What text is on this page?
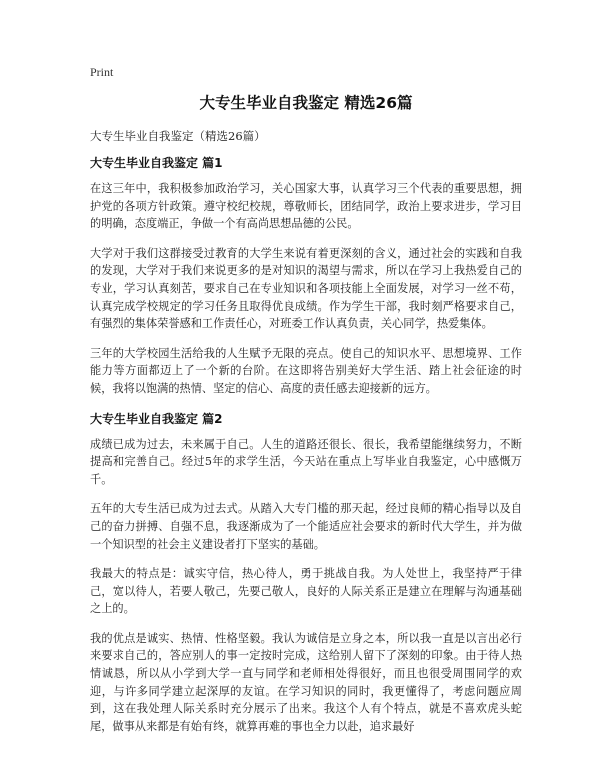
Print
大专生毕业自我鉴定 精选26篇
大专生毕业自我鉴定（精选26篇）
大专生毕业自我鉴定 篇1

在这三年中，我积极参加政治学习，关心国家大事，认真学习三个代表的重要思想，拥护党的各项方针政策。遵守校纪校规，尊敬师长，团结同学，政治上要求进步，学习目的明确，态度端正，争做一个有高尚思想品德的公民。

大学对于我们这群接受过教育的大学生来说有着更深刻的含义，通过社会的实践和自我的发现，大学对于我们来说更多的是对知识的渴望与需求，所以在学习上我热爱自己的专业，学习认真刻苦，要求自己在专业知识和各项技能上全面发展，对学习一丝不苟，认真完成学校规定的学习任务且取得优良成绩。作为学生干部，我时刻严格要求自己，有强烈的集体荣誉感和工作责任心，对班委工作认真负责，关心同学，热爱集体。

三年的大学校园生活给我的人生赋予无限的亮点。使自己的知识水平、思想境界、工作能力等方面都迈上了一个新的台阶。在这即将告别美好大学生活、踏上社会征途的时候，我将以饱满的热情、坚定的信心、高度的责任感去迎接新的远方。

大专生毕业自我鉴定 篇2

成绩已成为过去，未来属于自己。人生的道路还很长、很长，我希望能继续努力，不断提高和完善自己。经过5年的求学生活，今天站在重点上写毕业自我鉴定，心中感慨万千。

五年的大专生活已成为过去式。从踏入大专门槛的那天起，经过良师的精心指导以及自己的奋力拼搏、自强不息，我逐渐成为了一个能适应社会要求的新时代大学生，并为做一个知识型的社会主义建设者打下坚实的基础。

我最大的特点是：诚实守信，热心待人，勇于挑战自我。为人处世上，我坚持严于律己，宽以待人，若要人敬己，先要己敬人，良好的人际关系正是建立在理解与沟通基础之上的。

我的优点是诚实、热情、性格坚毅。我认为诚信是立身之本，所以我一直是以言出必行来要求自己的，答应别人的事一定按时完成，这给别人留下了深刻的印象。由于待人热情诚恳，所以从小学到大学一直与同学和老师相处得很好，而且也很受周围同学的欢迎，与许多同学建立起深厚的友谊。在学习知识的同时，我更懂得了，考虑问题应周到，这在我处理人际关系时充分展示了出来。我这个人有个特点，就是不喜欢虎头蛇尾，做事从来都是有始有终，就算再难的事也全力以赴，追求最好
